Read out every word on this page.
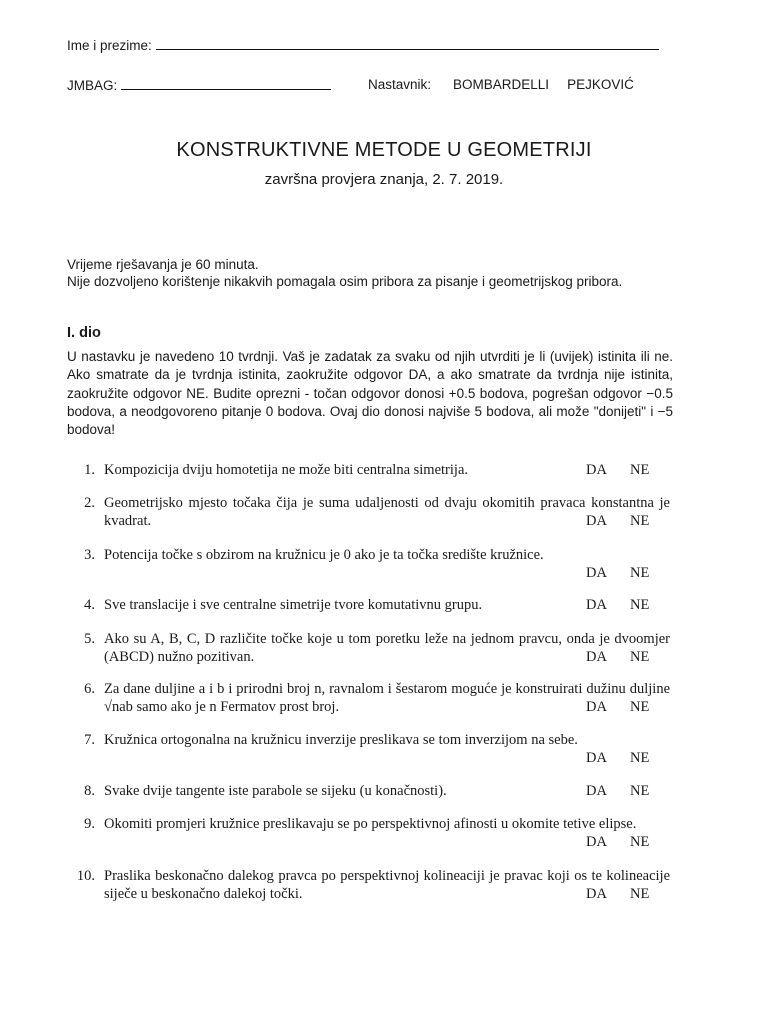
Ime i prezime:
JMBAG:	Nastavnik: BOMBARDELLI PEJKOVIĆ
KONSTRUKTIVNE METODE U GEOMETRIJI
završna provjera znanja, 2. 7. 2019.
Vrijeme rješavanja je 60 minuta.
Nije dozvoljeno korištenje nikakvih pomagala osim pribora za pisanje i geometrijskog pribora.
I. dio
U nastavku je navedeno 10 tvrdnji. Vaš je zadatak za svaku od njih utvrditi je li (uvijek) istinita ili ne. Ako smatrate da je tvrdnja istinita, zaokružite odgovor DA, a ako smatrate da tvrdnja nije istinita, zaokružite odgovor NE. Budite oprezni - točan odgovor donosi +0.5 bodova, pogrešan odgovor −0.5 bodova, a neodgovoreno pitanje 0 bodova. Ovaj dio donosi najviše 5 bodova, ali može "donijeti" i −5 bodova!
1. Kompozicija dviju homotetija ne može biti centralna simetrija.	DA NE
2. Geometrijsko mjesto točaka čija je suma udaljenosti od dvaju okomitih pravaca konstantna je kvadrat.	DA NE
3. Potencija točke s obzirom na kružnicu je 0 ako je ta točka središte kružnice.
DA NE
4. Sve translacije i sve centralne simetrije tvore komutativnu grupu.	DA NE
5. Ako su A, B, C, D različite točke koje u tom poretku leže na jednom pravcu, onda je dvoomjer (ABCD) nužno pozitivan.	DA NE
6. Za dane duljine a i b i prirodni broj n, ravnalom i šestarom moguće je konstruirati dužinu duljine √nab samo ako je n Fermatov prost broj.	DA NE
7. Kružnica ortogonalna na kružnicu inverzije preslikava se tom inverzijom na sebe.
DA NE
8. Svake dvije tangente iste parabole se sijeku (u konačnosti).	DA NE
9. Okomiti promjeri kružnice preslikavaju se po perspektivnoj afinosti u okomite tetive elipse.
DA NE
10. Praslika beskonačno dalekog pravca po perspektivnoj kolineaciji je pravac koji os te kolineacije siječe u beskonačno dalekoj točki.	DA NE
